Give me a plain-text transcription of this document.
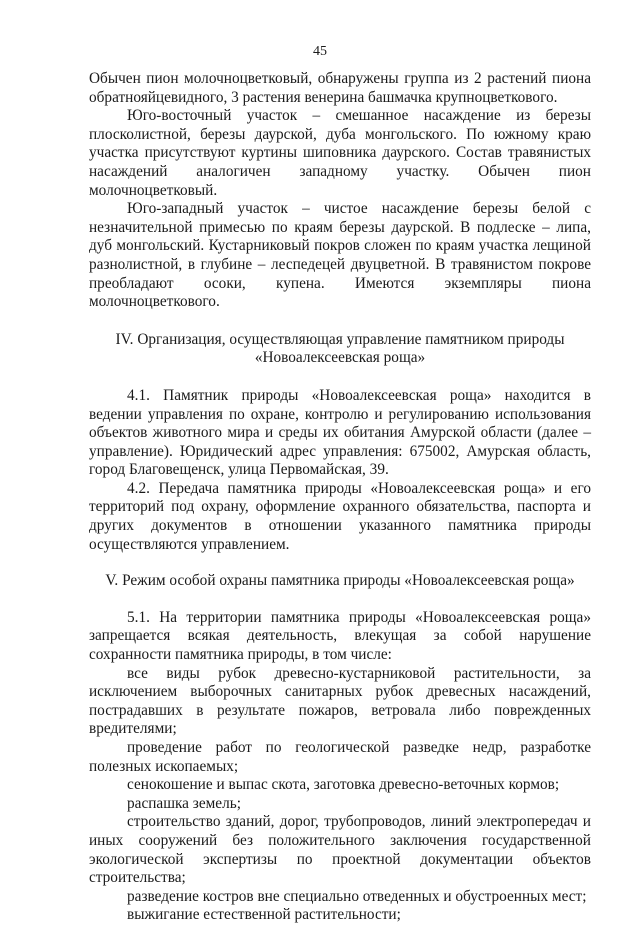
45

Обычен пион молочноцветковый, обнаружены группа из 2 растений пиона обратнояйцевидного, 3 растения венерина башмачка крупноцветкового.

Юго-восточный участок – смешанное насаждение из березы плосколистной, березы даурской, дуба монгольского. По южному краю участка присутствуют куртины шиповника даурского. Состав травянистых насаждений аналогичен западному участку. Обычен пион молочноцветковый.

Юго-западный участок – чистое насаждение березы белой с незначительной примесью по краям березы даурской. В подлеске – липа, дуб монгольский. Кустарниковый покров сложен по краям участка лещиной разнолистной, в глубине – леспедецей двуцветной. В травянистом покрове преобладают осоки, купена. Имеются экземпляры пиона молочноцветкового.

IV. Организация, осуществляющая управление памятником природы «Новоалексеевская роща»

4.1. Памятник природы «Новоалексеевская роща» находится в ведении управления по охране, контролю и регулированию использования объектов животного мира и среды их обитания Амурской области (далее – управление). Юридический адрес управления: 675002, Амурская область, город Благовещенск, улица Первомайская, 39.

4.2. Передача памятника природы «Новоалексеевская роща» и его территорий под охрану, оформление охранного обязательства, паспорта и других документов в отношении указанного памятника природы осуществляются управлением.

V. Режим особой охраны памятника природы «Новоалексеевская роща»

5.1. На территории памятника природы «Новоалексеевская роща» запрещается всякая деятельность, влекущая за собой нарушение сохранности памятника природы, в том числе:

все виды рубок древесно-кустарниковой растительности, за исключением выборочных санитарных рубок древесных насаждений, пострадавших в результате пожаров, ветровала либо поврежденных вредителями;

проведение работ по геологической разведке недр, разработке полезных ископаемых;

сенокошение и выпас скота, заготовка древесно-веточных кормов;

распашка земель;

строительство зданий, дорог, трубопроводов, линий электропередач и иных сооружений без положительного заключения государственной экологической экспертизы по проектной документации объектов строительства;

разведение костров вне специально отведенных и обустроенных мест;

выжигание естественной растительности;
